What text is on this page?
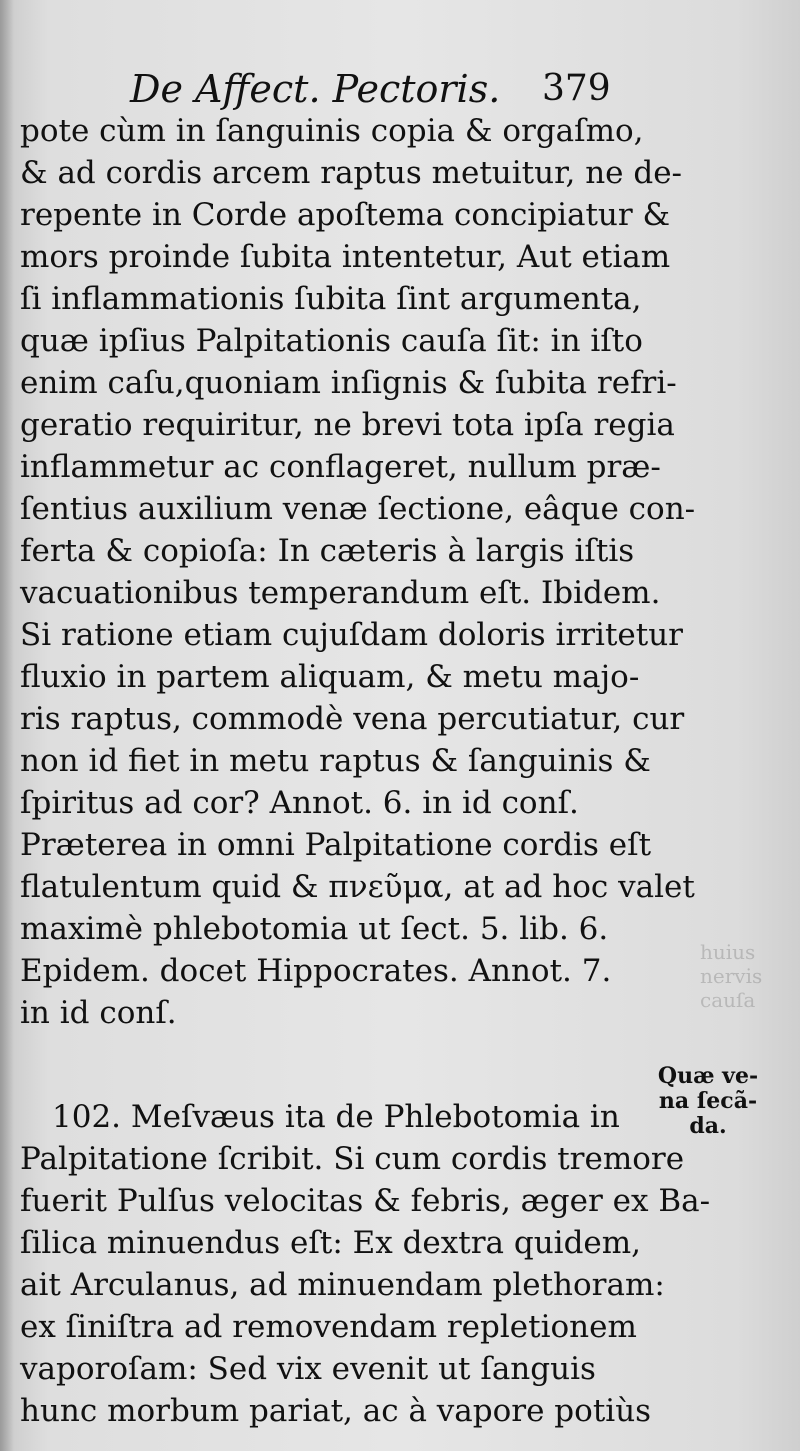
huius
nervis
cauſa
De Affect. Pectoris. 379
pote cùm in ſanguinis copia & orgaſmo,
& ad cordis arcem raptus metuitur, ne de-
repente in Corde apoſtema concipiatur &
mors proinde ſubita intentetur, Aut etiam
ſi inflammationis ſubita ſint argumenta,
quæ ipſius Palpitationis cauſa ſit: in iſto
enim caſu,quoniam inſignis & ſubita refri-
geratio requiritur, ne brevi tota ipſa regia
inflammetur ac conflageret, nullum præ-
ſentius auxilium venæ ſectione, eâque con-
ferta & copioſa: In cæteris à largis iſtis
vacuationibus temperandum eſt. Ibidem.
Si ratione etiam cujuſdam doloris irritetur
fluxio in partem aliquam, & metu majo-
ris raptus, commodè vena percutiatur, cur
non id fiet in metu raptus & ſanguinis &
ſpiritus ad cor? Annot. 6. in id conſ.
Præterea in omni Palpitatione cordis eſt
flatulentum quid & πνεῦμα, at ad hoc valet
maximè phlebotomia ut ſect. 5. lib. 6.
Epidem. docet Hippocrates. Annot. 7.
in id conſ.
102. Meſvæus ita de Phlebotomia in
Palpitatione ſcribit. Si cum cordis tremore
fuerit Pulſus velocitas & febris, æger ex Ba-
ſilica minuendus eſt: Ex dextra quidem,
ait Arculanus, ad minuendam plethoram:
ex ſiniſtra ad removendam repletionem
vaporoſam: Sed vix evenit ut ſanguis
hunc morbum pariat, ac à vapore potiùs
Quæ ve-
na ſecã-
da.
